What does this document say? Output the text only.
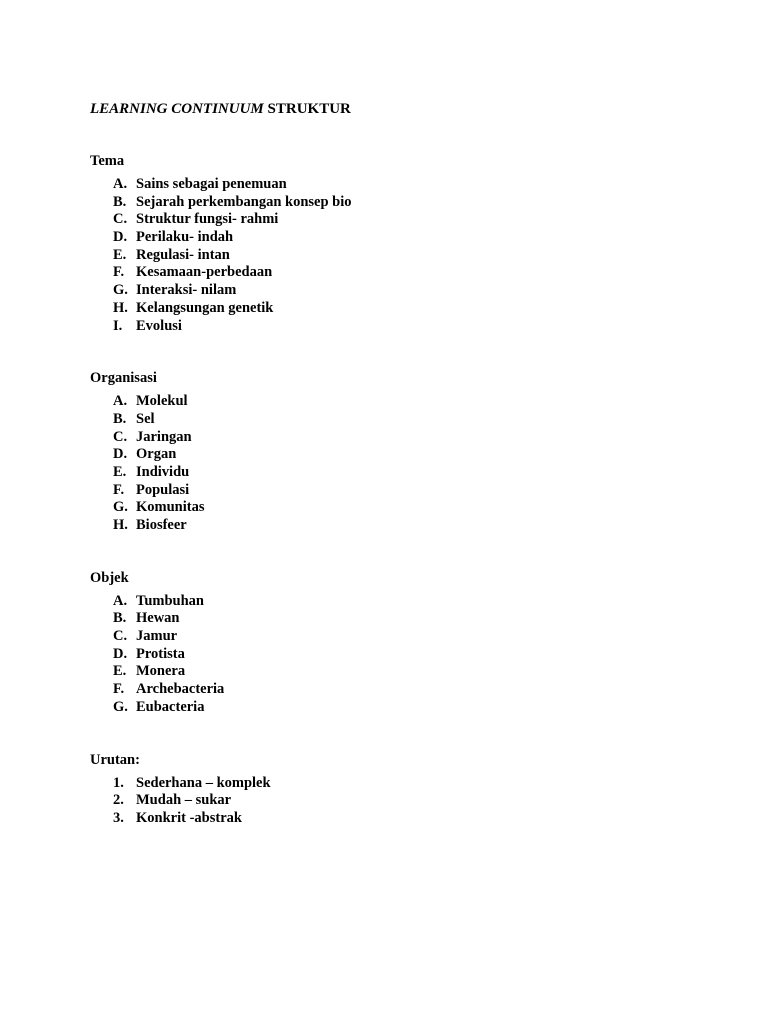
LEARNING CONTINUUM STRUKTUR
Tema
A. Sains sebagai penemuan
B. Sejarah perkembangan konsep bio
C. Struktur fungsi- rahmi
D. Perilaku- indah
E. Regulasi- intan
F. Kesamaan-perbedaan
G. Interaksi- nilam
H. Kelangsungan genetik
I. Evolusi
Organisasi
A. Molekul
B. Sel
C. Jaringan
D. Organ
E. Individu
F. Populasi
G. Komunitas
H. Biosfeer
Objek
A. Tumbuhan
B. Hewan
C. Jamur
D. Protista
E. Monera
F. Archebacteria
G. Eubacteria
Urutan:
1. Sederhana – komplek
2. Mudah – sukar
3. Konkrit -abstrak
